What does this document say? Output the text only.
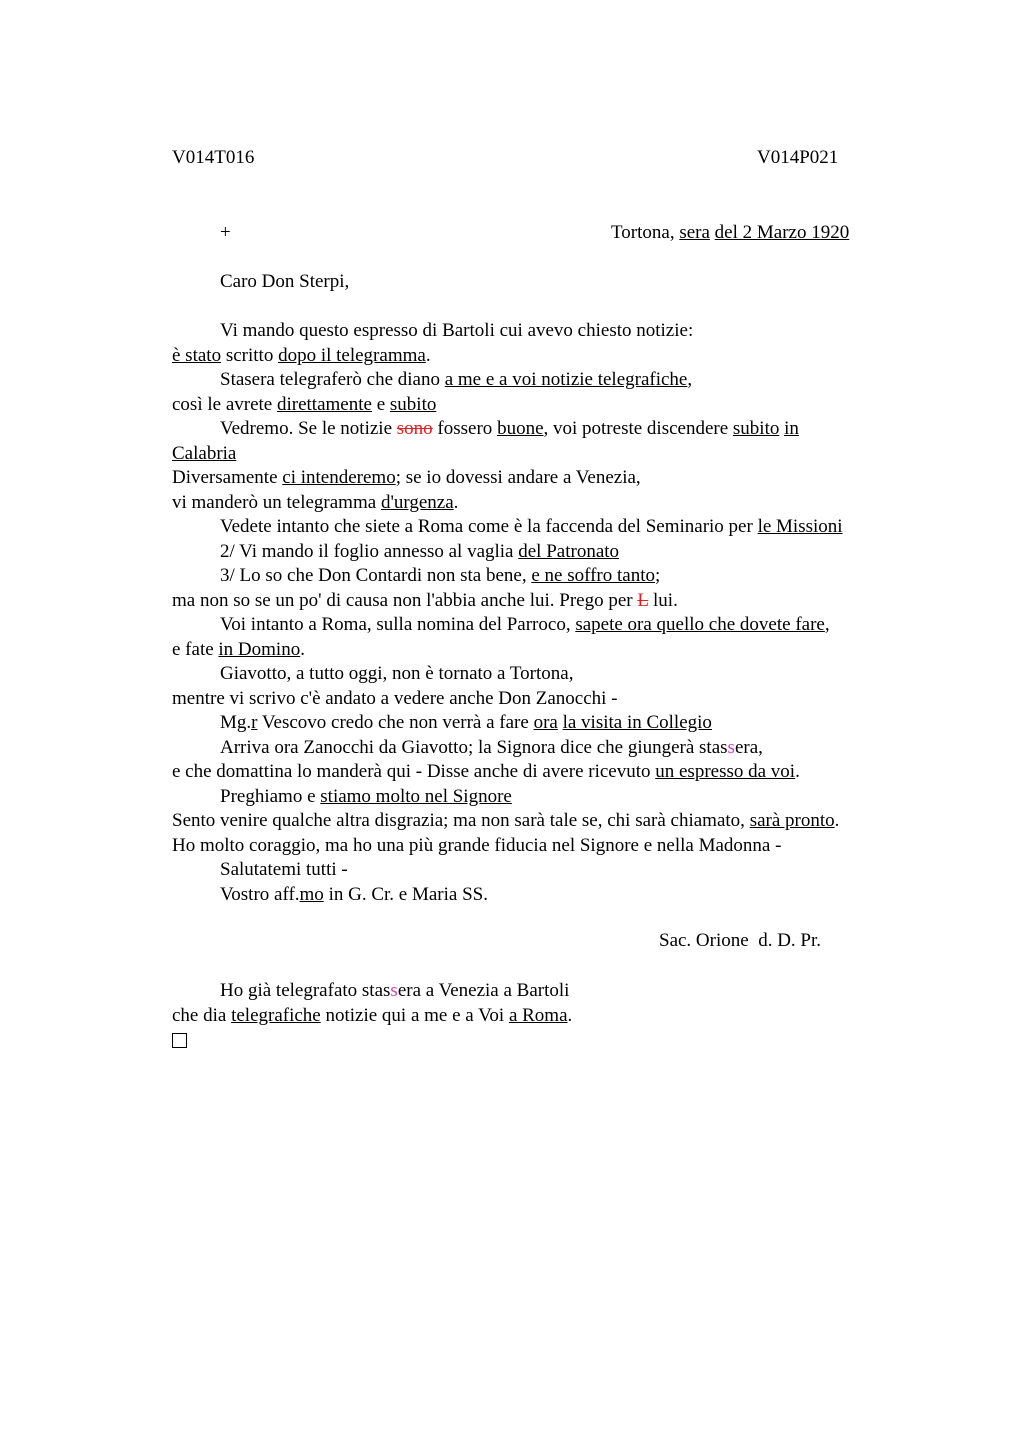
V014T016	V014P021
+	Tortona, sera del 2 Marzo 1920
Caro Don Sterpi,
Vi mando questo espresso di Bartoli cui avevo chiesto notizie:
è stato scritto dopo il telegramma.
Stasera telegraferò che diano a me e a voi notizie telegrafiche,
così le avrete direttamente e subito
Vedremo. Se le notizie sono fossero buone, voi potreste discendere subito in
Calabria
Diversamente ci intenderemo; se io dovessi andare a Venezia,
vi manderò un telegramma d'urgenza.
Vedete intanto che siete a Roma come è la faccenda del Seminario per le Missioni
2/ Vi mando il foglio annesso al vaglia del Patronato
3/ Lo so che Don Contardi non sta bene, e ne soffro tanto;
ma non so se un po' di causa non l'abbia anche lui. Prego per L lui.
Voi intanto a Roma, sulla nomina del Parroco, sapete ora quello che dovete fare,
e fate in Domino.
Giavotto, a tutto oggi, non è tornato a Tortona,
mentre vi scrivo c'è andato a vedere anche Don Zanocchi -
Mg.r Vescovo credo che non verrà a fare ora la visita in Collegio
Arriva ora Zanocchi da Giavotto; la Signora dice che giungerà stassera,
e che domattina lo manderà qui - Disse anche di avere ricevuto un espresso da voi.
Preghiamo e stiamo molto nel Signore
Sento venire qualche altra disgrazia; ma non sarà tale se, chi sarà chiamato, sarà pronto.
Ho molto coraggio, ma ho una più grande fiducia nel Signore e nella Madonna -
Salutatemi tutti -
Vostro aff.mo in G. Cr. e Maria SS.
Sac. Orione  d. D. Pr.
Ho già telegrafato stassera a Venezia a Bartoli
che dia telegrafiche notizie qui a me e a Voi a Roma.
